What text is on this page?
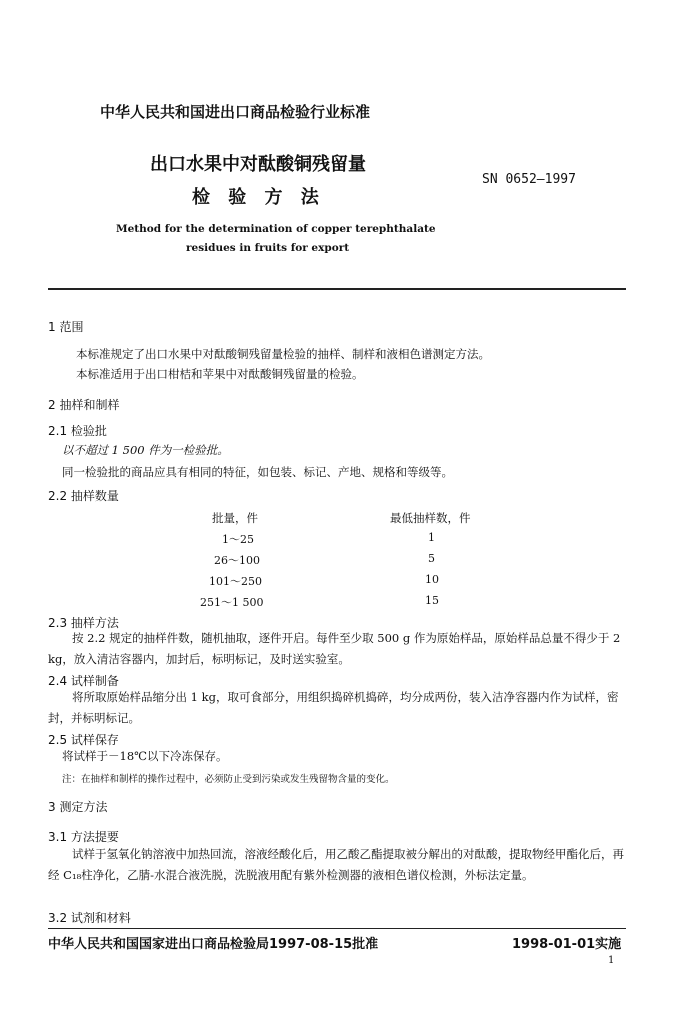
中华人民共和国进出口商品检验行业标准
出口水果中对酞酸铜残留量
检 验 方 法
SN 0652—1997
Method for the determination of copper terephthalate
residues in fruits for export
1 范围
本标准规定了出口水果中对酞酸铜残留量检验的抽样、制样和液相色谱测定方法。
本标准适用于出口柑桔和苹果中对酞酸铜残留量的检验。
2 抽样和制样
2.1 检验批
以不超过 1 500 件为一检验批。
同一检验批的商品应具有相同的特征，如包装、标记、产地、规格和等级等。
2.2 抽样数量
批量，件	最低抽样数，件
1～25	1
26～100	5
101～250	10
251～1 500	15
2.3 抽样方法
按 2.2 规定的抽样件数，随机抽取，逐件开启。每件至少取 500 g 作为原始样品，原始样品总量不得少于 2 kg，放入清洁容器内，加封后，标明标记，及时送实验室。
2.4 试样制备
将所取原始样品缩分出 1 kg，取可食部分，用组织捣碎机捣碎，均分成两份，装入洁净容器内作为试样，密封，并标明标记。
2.5 试样保存
将试样于－18℃以下冷冻保存。
注：在抽样和制样的操作过程中，必须防止受到污染或发生残留物含量的变化。
3 测定方法
3.1 方法提要
试样于氢氧化钠溶液中加热回流，溶液经酸化后，用乙酸乙酯提取被分解出的对酞酸，提取物经甲酯化后，再经 C₁₈柱净化，乙腈-水混合液洗脱，洗脱液用配有紫外检测器的液相色谱仪检测，外标法定量。
3.2 试剂和材料
中华人民共和国国家进出口商品检验局1997-08-15批准	1998-01-01实施
1
